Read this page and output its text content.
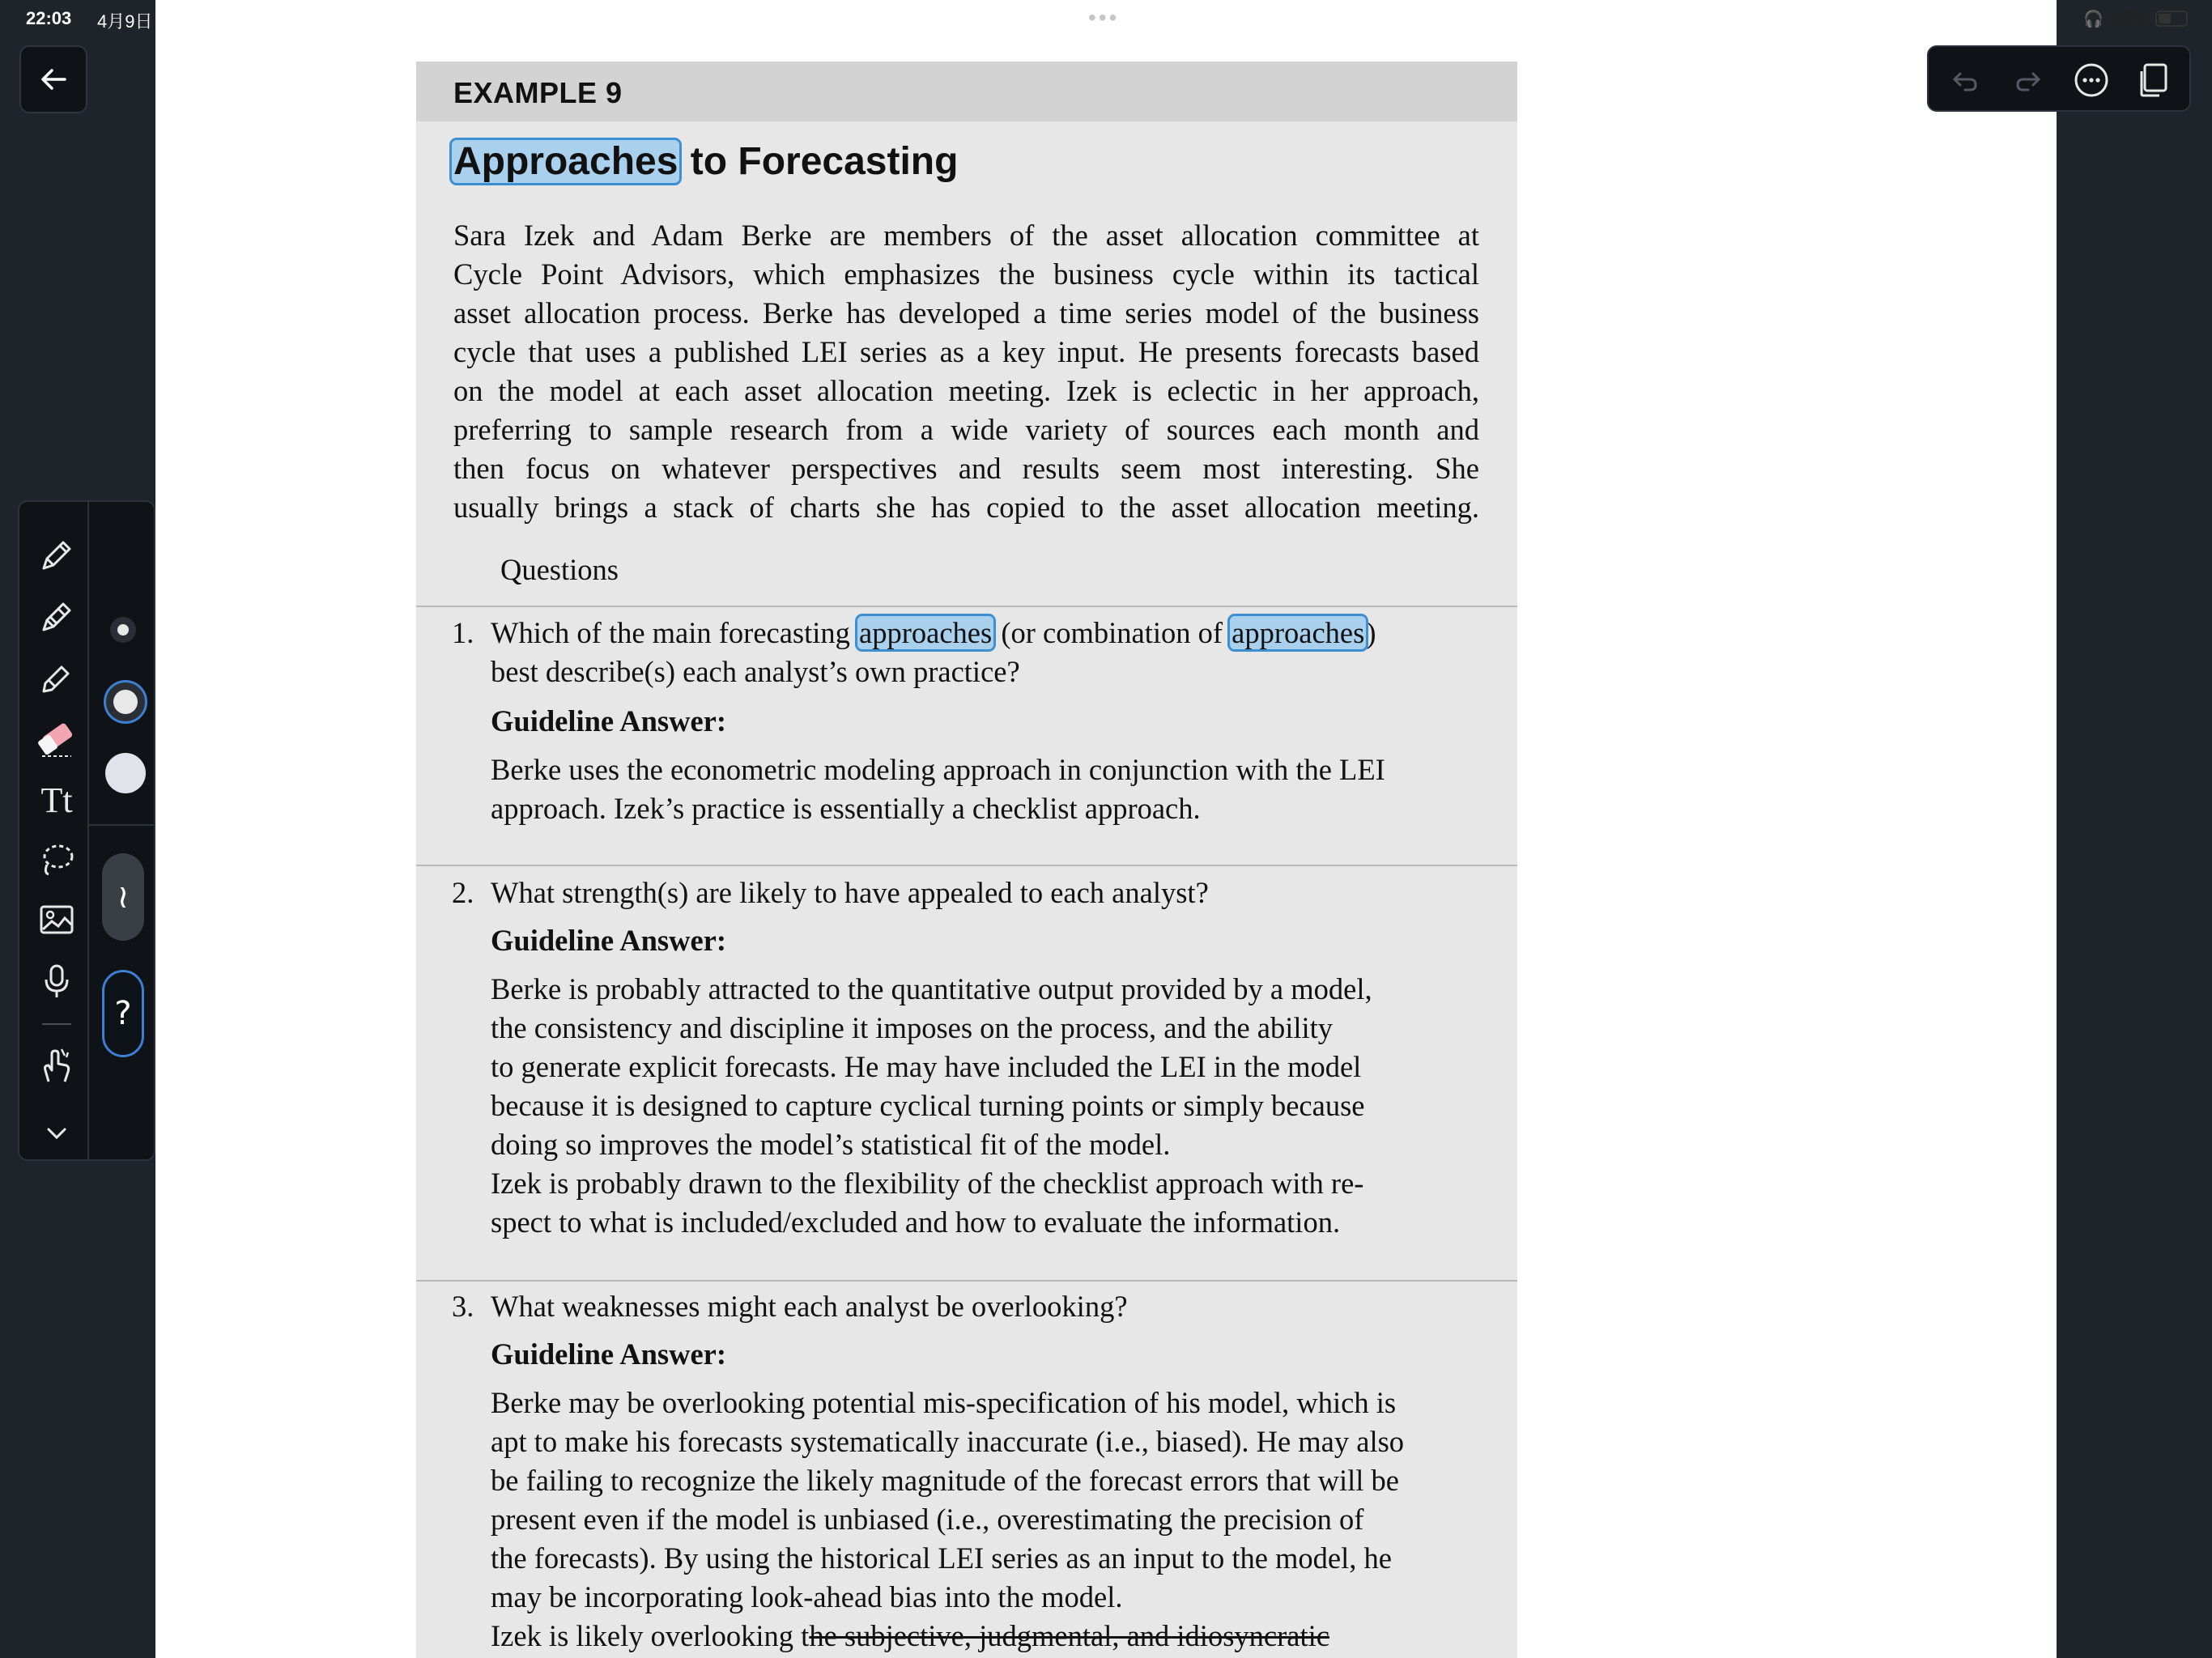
22:03 4月9日	•••	🎧 45%
Tt
≀
?
EXAMPLE 9
Approaches to Forecasting
Sara Izek and Adam Berke are members of the asset allocation committee at
Cycle Point Advisors, which emphasizes the business cycle within its tactical
asset allocation process. Berke has developed a time series model of the business
cycle that uses a published LEI series as a key input. He presents forecasts based
on the model at each asset allocation meeting. Izek is eclectic in her approach,
preferring to sample research from a wide variety of sources each month and
then focus on whatever perspectives and results seem most interesting. She
usually brings a stack of charts she has copied to the asset allocation meeting.
Questions
1. Which of the main forecasting approaches (or combination of approaches)
best describe(s) each analyst’s own practice?
Guideline Answer:
Berke uses the econometric modeling approach in conjunction with the LEI
approach. Izek’s practice is essentially a checklist approach.
2. What strength(s) are likely to have appealed to each analyst?
Guideline Answer:
Berke is probably attracted to the quantitative output provided by a model,
the consistency and discipline it imposes on the process, and the ability
to generate explicit forecasts. He may have included the LEI in the model
because it is designed to capture cyclical turning points or simply because
doing so improves the model’s statistical fit of the model.
Izek is probably drawn to the flexibility of the checklist approach with re-
spect to what is included/excluded and how to evaluate the information.
3. What weaknesses might each analyst be overlooking?
Guideline Answer:
Berke may be overlooking potential mis-specification of his model, which is
apt to make his forecasts systematically inaccurate (i.e., biased). He may also
be failing to recognize the likely magnitude of the forecast errors that will be
present even if the model is unbiased (i.e., overestimating the precision of
the forecasts). By using the historical LEI series as an input to the model, he
may be incorporating look-ahead bias into the model.
Izek is likely overlooking the subjective, judgmental, and idiosyncratic
